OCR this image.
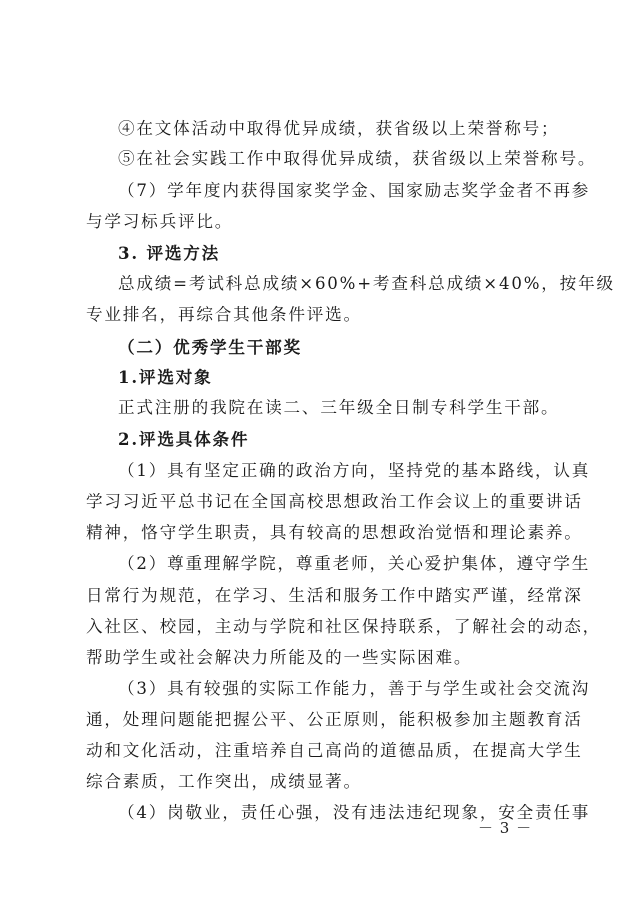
④在文体活动中取得优异成绩，获省级以上荣誉称号；
⑤在社会实践工作中取得优异成绩，获省级以上荣誉称号。
（7）学年度内获得国家奖学金、国家励志奖学金者不再参
与学习标兵评比。
3. 评选方法
总成绩=考试科总成绩×60%+考查科总成绩×40%，按年级
专业排名，再综合其他条件评选。
（二）优秀学生干部奖
1.评选对象
正式注册的我院在读二、三年级全日制专科学生干部。
2.评选具体条件
（1）具有坚定正确的政治方向，坚持党的基本路线，认真
学习习近平总书记在全国高校思想政治工作会议上的重要讲话
精神，恪守学生职责，具有较高的思想政治觉悟和理论素养。
（2）尊重理解学院，尊重老师，关心爱护集体，遵守学生
日常行为规范，在学习、生活和服务工作中踏实严谨，经常深
入社区、校园，主动与学院和社区保持联系，了解社会的动态，
帮助学生或社会解决力所能及的一些实际困难。
（3）具有较强的实际工作能力，善于与学生或社会交流沟
通，处理问题能把握公平、公正原则，能积极参加主题教育活
动和文化活动，注重培养自己高尚的道德品质，在提高大学生
综合素质，工作突出，成绩显著。
（4）岗敬业，责任心强，没有违法违纪现象，安全责任事
－ 3 －
